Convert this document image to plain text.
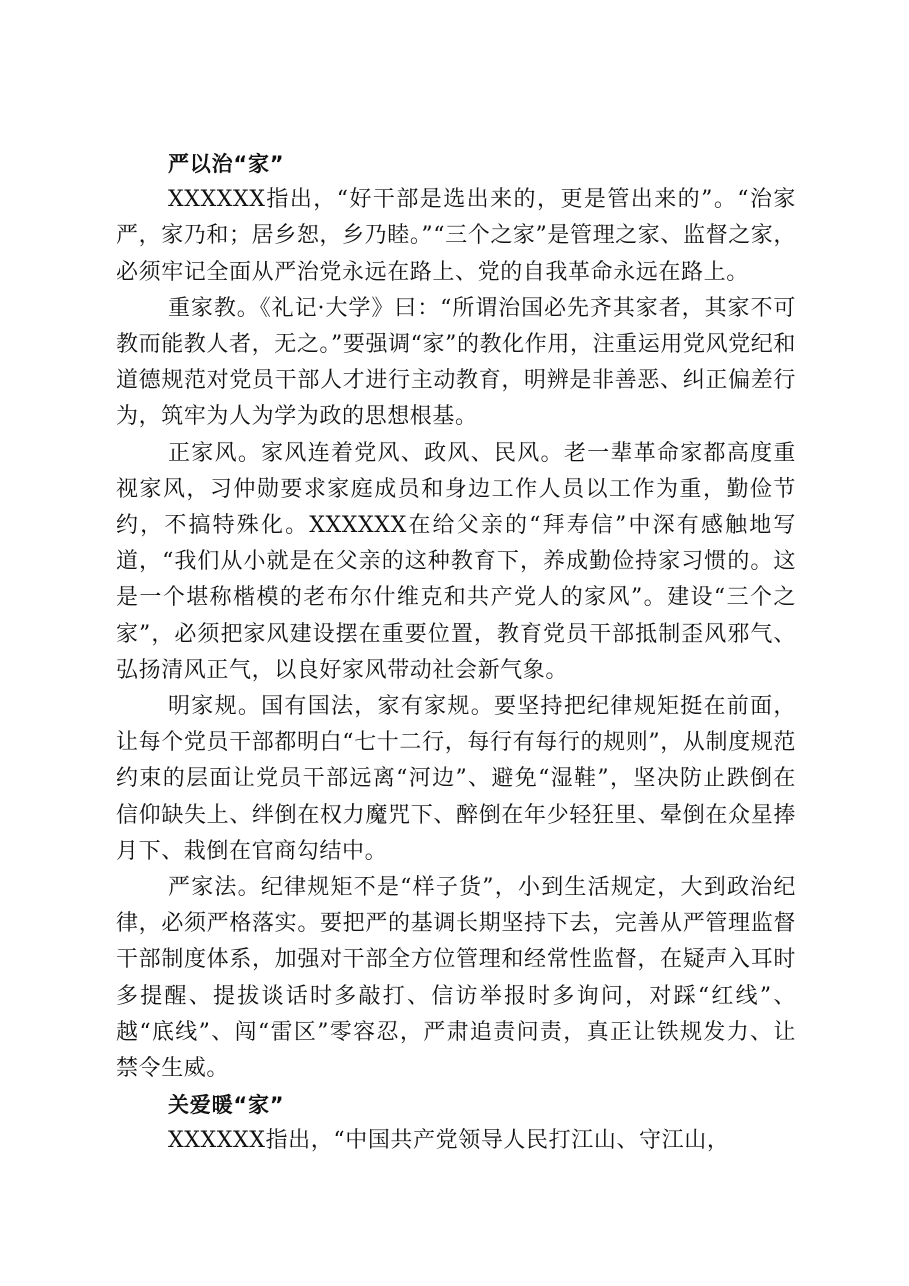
严以治“家”

XXXXXX指出，“好干部是选出来的，更是管出来的”。“治家严，家乃和；居乡恕，乡乃睦。”“三个之家”是管理之家、监督之家，必须牢记全面从严治党永远在路上、党的自我革命永远在路上。

重家教。《礼记·大学》曰：“所谓治国必先齐其家者，其家不可教而能教人者，无之。”要强调“家”的教化作用，注重运用党风党纪和道德规范对党员干部人才进行主动教育，明辨是非善恶、纠正偏差行为，筑牢为人为学为政的思想根基。

正家风。家风连着党风、政风、民风。老一辈革命家都高度重视家风，习仲勋要求家庭成员和身边工作人员以工作为重，勤俭节约，不搞特殊化。XXXXXX在给父亲的“拜寿信”中深有感触地写道，“我们从小就是在父亲的这种教育下，养成勤俭持家习惯的。这是一个堪称楷模的老布尔什维克和共产党人的家风”。建设“三个之家”，必须把家风建设摆在重要位置，教育党员干部抵制歪风邪气、弘扬清风正气，以良好家风带动社会新气象。

明家规。国有国法，家有家规。要坚持把纪律规矩挺在前面，让每个党员干部都明白“七十二行，每行有每行的规则”，从制度规范约束的层面让党员干部远离“河边”、避免“湿鞋”，坚决防止跌倒在信仰缺失上、绊倒在权力魔咒下、醉倒在年少轻狂里、晕倒在众星捧月下、栽倒在官商勾结中。

严家法。纪律规矩不是“样子货”，小到生活规定，大到政治纪律，必须严格落实。要把严的基调长期坚持下去，完善从严管理监督干部制度体系，加强对干部全方位管理和经常性监督，在疑声入耳时多提醒、提拔谈话时多敲打、信访举报时多询问，对踩“红线”、越“底线”、闯“雷区”零容忍，严肃追责问责，真正让铁规发力、让禁令生威。

关爱暖“家”

XXXXXX指出，“中国共产党领导人民打江山、守江山，
